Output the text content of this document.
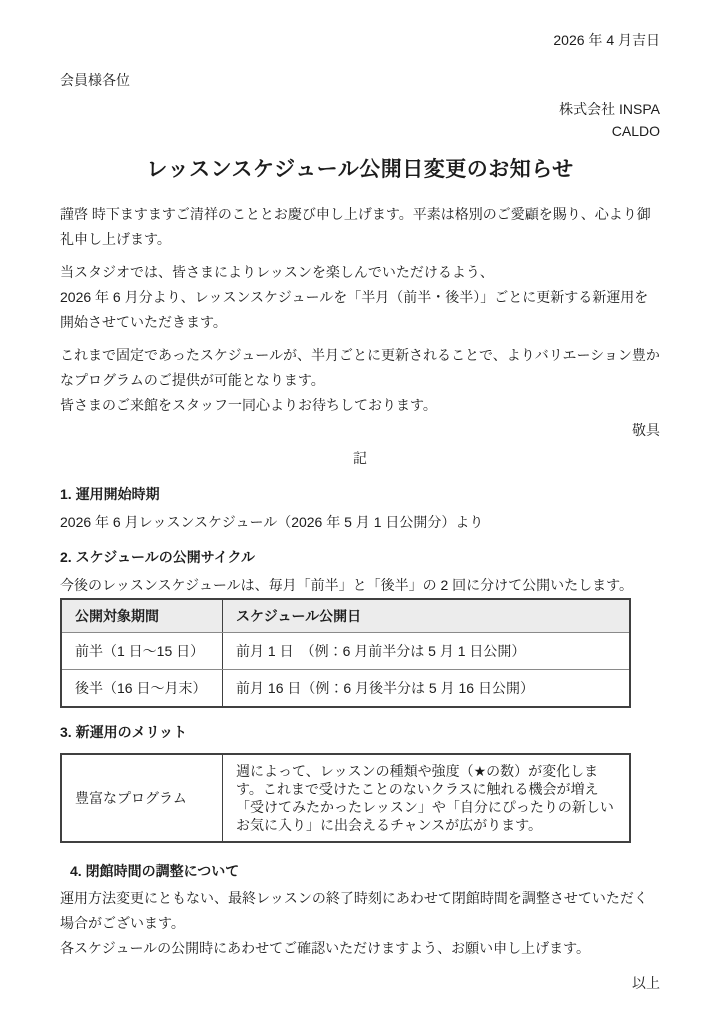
2026 年 4 月吉日
会員様各位
株式会社 INSPA
CALDO
レッスンスケジュール公開日変更のお知らせ
謹啓 時下ますますご清祥のこととお慶び申し上げます。平素は格別のご愛顧を賜り、心より御礼申し上げます。
当スタジオでは、皆さまによりレッスンを楽しんでいただけるよう、
2026 年 6 月分より、レッスンスケジュールを「半月（前半・後半）」ごとに更新する新運用を開始させていただきます。
これまで固定であったスケジュールが、半月ごとに更新されることで、よりバリエーション豊かなプログラムのご提供が可能となります。
皆さまのご来館をスタッフ一同心よりお待ちしております。
敬具
記
1. 運用開始時期
2026 年 6 月レッスンスケジュール（2026 年 5 月 1 日公開分）より
2. スケジュールの公開サイクル
今後のレッスンスケジュールは、毎月「前半」と「後半」の 2 回に分けて公開いたします。
公開対象期間	スケジュール公開日
前半（1 日～15 日）	前月 1 日　（例：6 月前半分は 5 月 1 日公開）
後半（16 日～月末）	前月 16 日（例：6 月後半分は 5 月 16 日公開）
3. 新運用のメリット
豊富なプログラム	週によって、レッスンの種類や強度（★の数）が変化します。これまで受けたことのないクラスに触れる機会が増え「受けてみたかったレッスン」や「自分にぴったりの新しいお気に入り」に出会えるチャンスが広がります。
4. 閉館時間の調整について
運用方法変更にともない、最終レッスンの終了時刻にあわせて閉館時間を調整させていただく場合がございます。
各スケジュールの公開時にあわせてご確認いただけますよう、お願い申し上げます。
以上
